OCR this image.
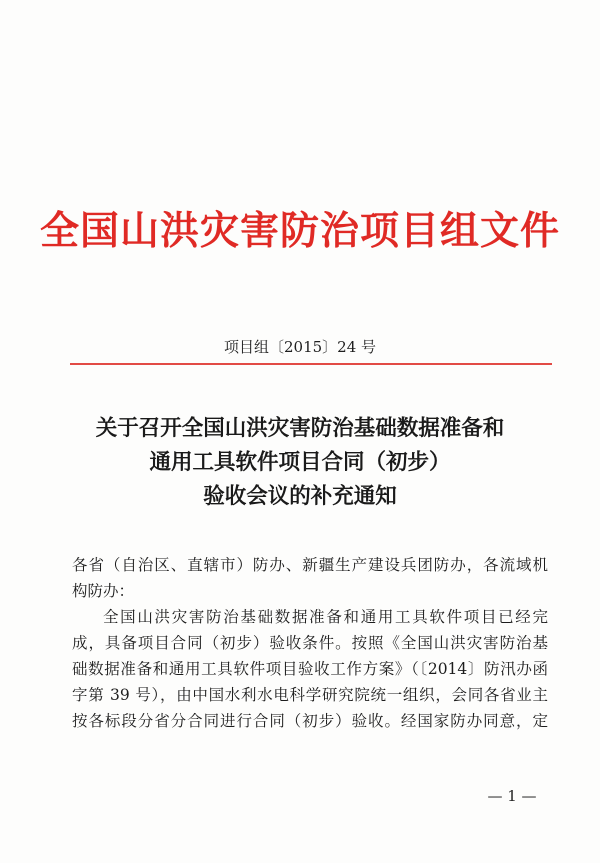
全国山洪灾害防治项目组文件
项目组〔2015〕24 号
关于召开全国山洪灾害防治基础数据准备和
通用工具软件项目合同（初步）
验收会议的补充通知
各省（自治区、直辖市）防办、新疆生产建设兵团防办，各流域机
构防办：
全国山洪灾害防治基础数据准备和通用工具软件项目已经完
成，具备项目合同（初步）验收条件。按照《全国山洪灾害防治基
础数据准备和通用工具软件项目验收工作方案》（〔2014〕防汛办函
字第 39 号），由中国水利水电科学研究院统一组织，会同各省业主
按各标段分省分合同进行合同（初步）验收。经国家防办同意，定
— 1 —
